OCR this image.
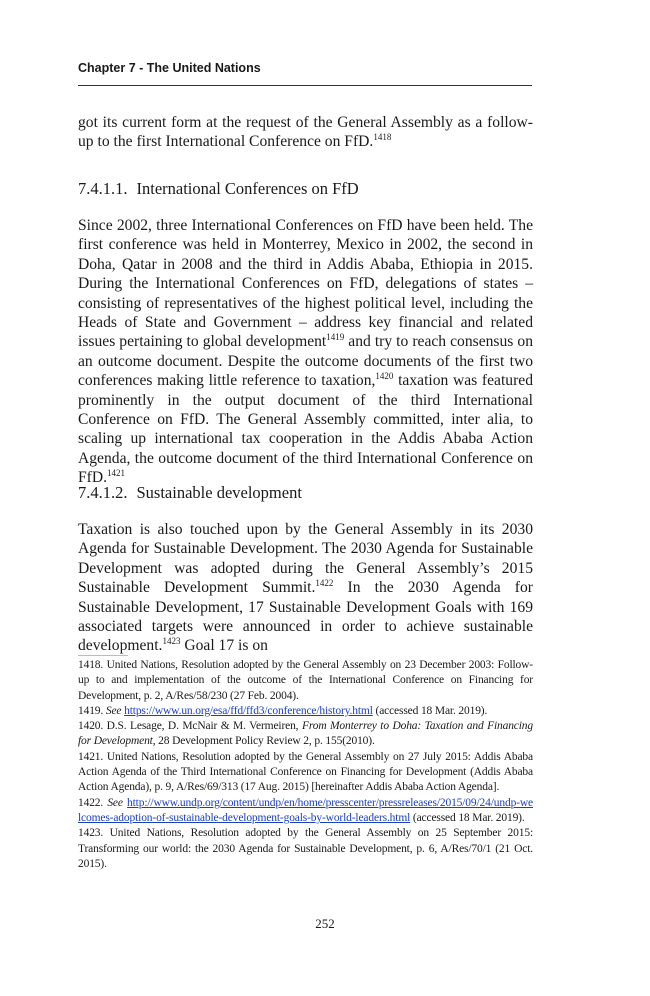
Chapter 7 - The United Nations

got its current form at the request of the General Assembly as a follow-up to the first International Conference on FfD.$^{1418}$

7.4.1.1. International Conferences on FfD

Since 2002, three International Conferences on FfD have been held. The first conference was held in Monterrey, Mexico in 2002, the second in Doha, Qatar in 2008 and the third in Addis Ababa, Ethiopia in 2015. During the International Conferences on FfD, delegations of states – consisting of representatives of the highest political level, including the Heads of State and Government – address key financial and related issues pertaining to global development$^{1419}$ and try to reach consensus on an outcome document. Despite the outcome documents of the first two conferences making little reference to taxation,$^{1420}$ taxation was featured prominently in the output document of the third International Conference on FfD. The General Assembly committed, inter alia, to scaling up international tax cooperation in the Addis Ababa Action Agenda, the outcome document of the third International Conference on FfD.$^{1421}$

7.4.1.2. Sustainable development

Taxation is also touched upon by the General Assembly in its 2030 Agenda for Sustainable Development. The 2030 Agenda for Sustainable Development was adopted during the General Assembly’s 2015 Sustainable Development Summit.$^{1422}$ In the 2030 Agenda for Sustainable Development, 17 Sustainable Development Goals with 169 associated targets were announced in order to achieve sustainable development.$^{1423}$ Goal 17 is on

1418. United Nations, Resolution adopted by the General Assembly on 23 December 2003: Follow-up to and implementation of the outcome of the International Conference on Financing for Development, p. 2, A/Res/58/230 (27 Feb. 2004).

1419. See https://www.un.org/esa/ffd/ffd3/conference/history.html (accessed 18 Mar. 2019).

1420. D.S. Lesage, D. McNair & M. Vermeiren, From Monterrey to Doha: Taxation and Financing for Development, 28 Development Policy Review 2, p. 155(2010).

1421. United Nations, Resolution adopted by the General Assembly on 27 July 2015: Addis Ababa Action Agenda of the Third International Conference on Financing for Development (Addis Ababa Action Agenda), p. 9, A/Res/69/313 (17 Aug. 2015) [hereinafter Addis Ababa Action Agenda].

1422. See http://www.undp.org/content/undp/en/home/presscenter/pressreleases/2015/09/24/undp-welcomes-adoption-of-sustainable-development-goals-by-world-leaders.html (accessed 18 Mar. 2019).

1423. United Nations, Resolution adopted by the General Assembly on 25 September 2015: Transforming our world: the 2030 Agenda for Sustainable Development, p. 6, A/Res/70/1 (21 Oct. 2015).

252
